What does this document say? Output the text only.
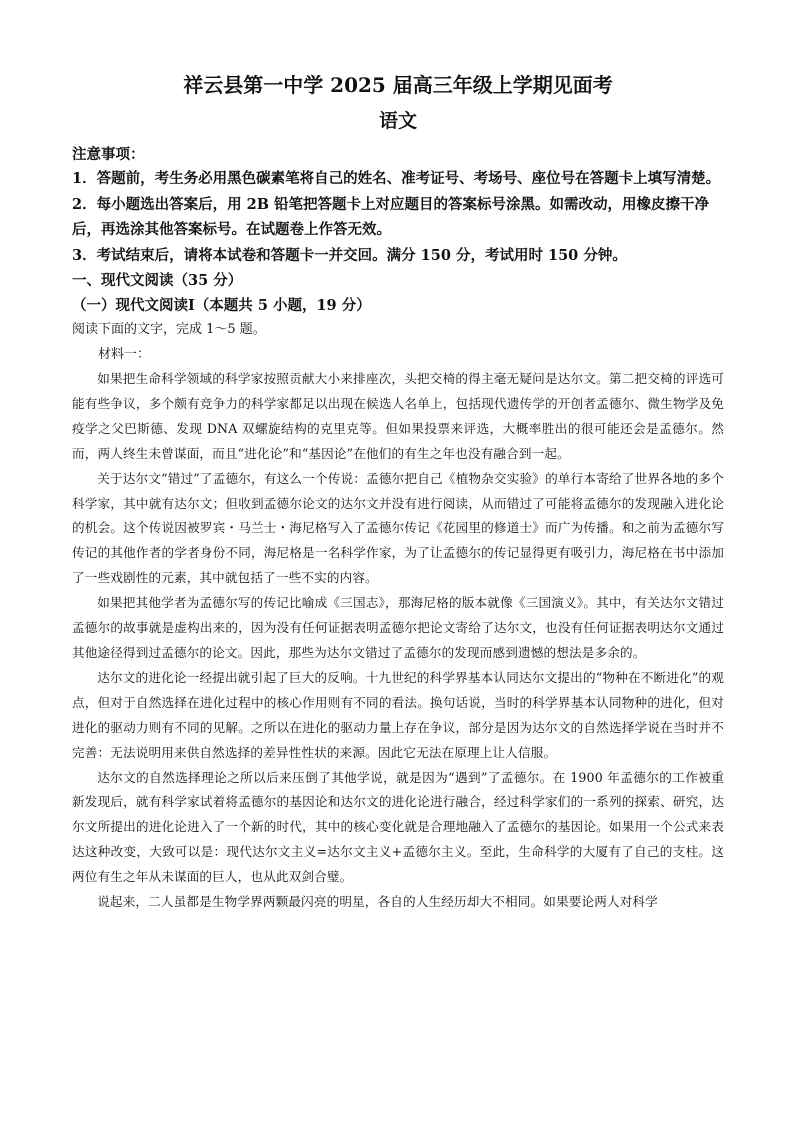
祥云县第一中学 2025 届高三年级上学期见面考
语文

注意事项：

1．答题前，考生务必用黑色碳素笔将自己的姓名、准考证号、考场号、座位号在答题卡上填写清楚。

2．每小题选出答案后，用 2B 铅笔把答题卡上对应题目的答案标号涂黑。如需改动，用橡皮擦干净后，再选涂其他答案标号。在试题卷上作答无效。

3．考试结束后，请将本试卷和答题卡一并交回。满分 150 分，考试用时 150 分钟。

一、现代文阅读（35 分）

（一）现代文阅读Ⅰ（本题共 5 小题，19 分）

阅读下面的文字，完成 1～5 题。

材料一：

如果把生命科学领域的科学家按照贡献大小来排座次，头把交椅的得主毫无疑问是达尔文。第二把交椅的评选可能有些争议，多个颇有竞争力的科学家都足以出现在候选人名单上，包括现代遗传学的开创者孟德尔、微生物学及免疫学之父巴斯德、发现 DNA 双螺旋结构的克里克等。但如果投票来评选，大概率胜出的很可能还会是孟德尔。然而，两人终生未曾谋面，而且“进化论”和“基因论”在他们的有生之年也没有融合到一起。

关于达尔文“错过”了孟德尔，有这么一个传说：孟德尔把自己《植物杂交实验》的单行本寄给了世界各地的多个科学家，其中就有达尔文；但收到孟德尔论文的达尔文并没有进行阅读，从而错过了可能将孟德尔的发现融入进化论的机会。这个传说因被罗宾・马兰士・海尼格写入了孟德尔传记《花园里的修道士》而广为传播。和之前为孟德尔写传记的其他作者的学者身份不同，海尼格是一名科学作家，为了让孟德尔的传记显得更有吸引力，海尼格在书中添加了一些戏剧性的元素，其中就包括了一些不实的内容。

如果把其他学者为孟德尔写的传记比喻成《三国志》，那海尼格的版本就像《三国演义》。其中，有关达尔文错过孟德尔的故事就是虚构出来的，因为没有任何证据表明孟德尔把论文寄给了达尔文，也没有任何证据表明达尔文通过其他途径得到过孟德尔的论文。因此，那些为达尔文错过了孟德尔的发现而感到遗憾的想法是多余的。

达尔文的进化论一经提出就引起了巨大的反响。十九世纪的科学界基本认同达尔文提出的“物种在不断进化”的观点，但对于自然选择在进化过程中的核心作用则有不同的看法。换句话说，当时的科学界基本认同物种的进化，但对进化的驱动力则有不同的见解。之所以在进化的驱动力量上存在争议，部分是因为达尔文的自然选择学说在当时并不完善：无法说明用来供自然选择的差异性性状的来源。因此它无法在原理上让人信服。

达尔文的自然选择理论之所以后来压倒了其他学说，就是因为“遇到”了孟德尔。在 1900 年孟德尔的工作被重新发现后，就有科学家试着将孟德尔的基因论和达尔文的进化论进行融合，经过科学家们的一系列的探索、研究，达尔文所提出的进化论进入了一个新的时代，其中的核心变化就是合理地融入了孟德尔的基因论。如果用一个公式来表达这种改变，大致可以是：现代达尔文主义=达尔文主义+孟德尔主义。至此，生命科学的大厦有了自己的支柱。这两位有生之年从未谋面的巨人，也从此双剑合璧。

说起来，二人虽都是生物学界两颗最闪亮的明星，各自的人生经历却大不相同。如果要论两人对科学
